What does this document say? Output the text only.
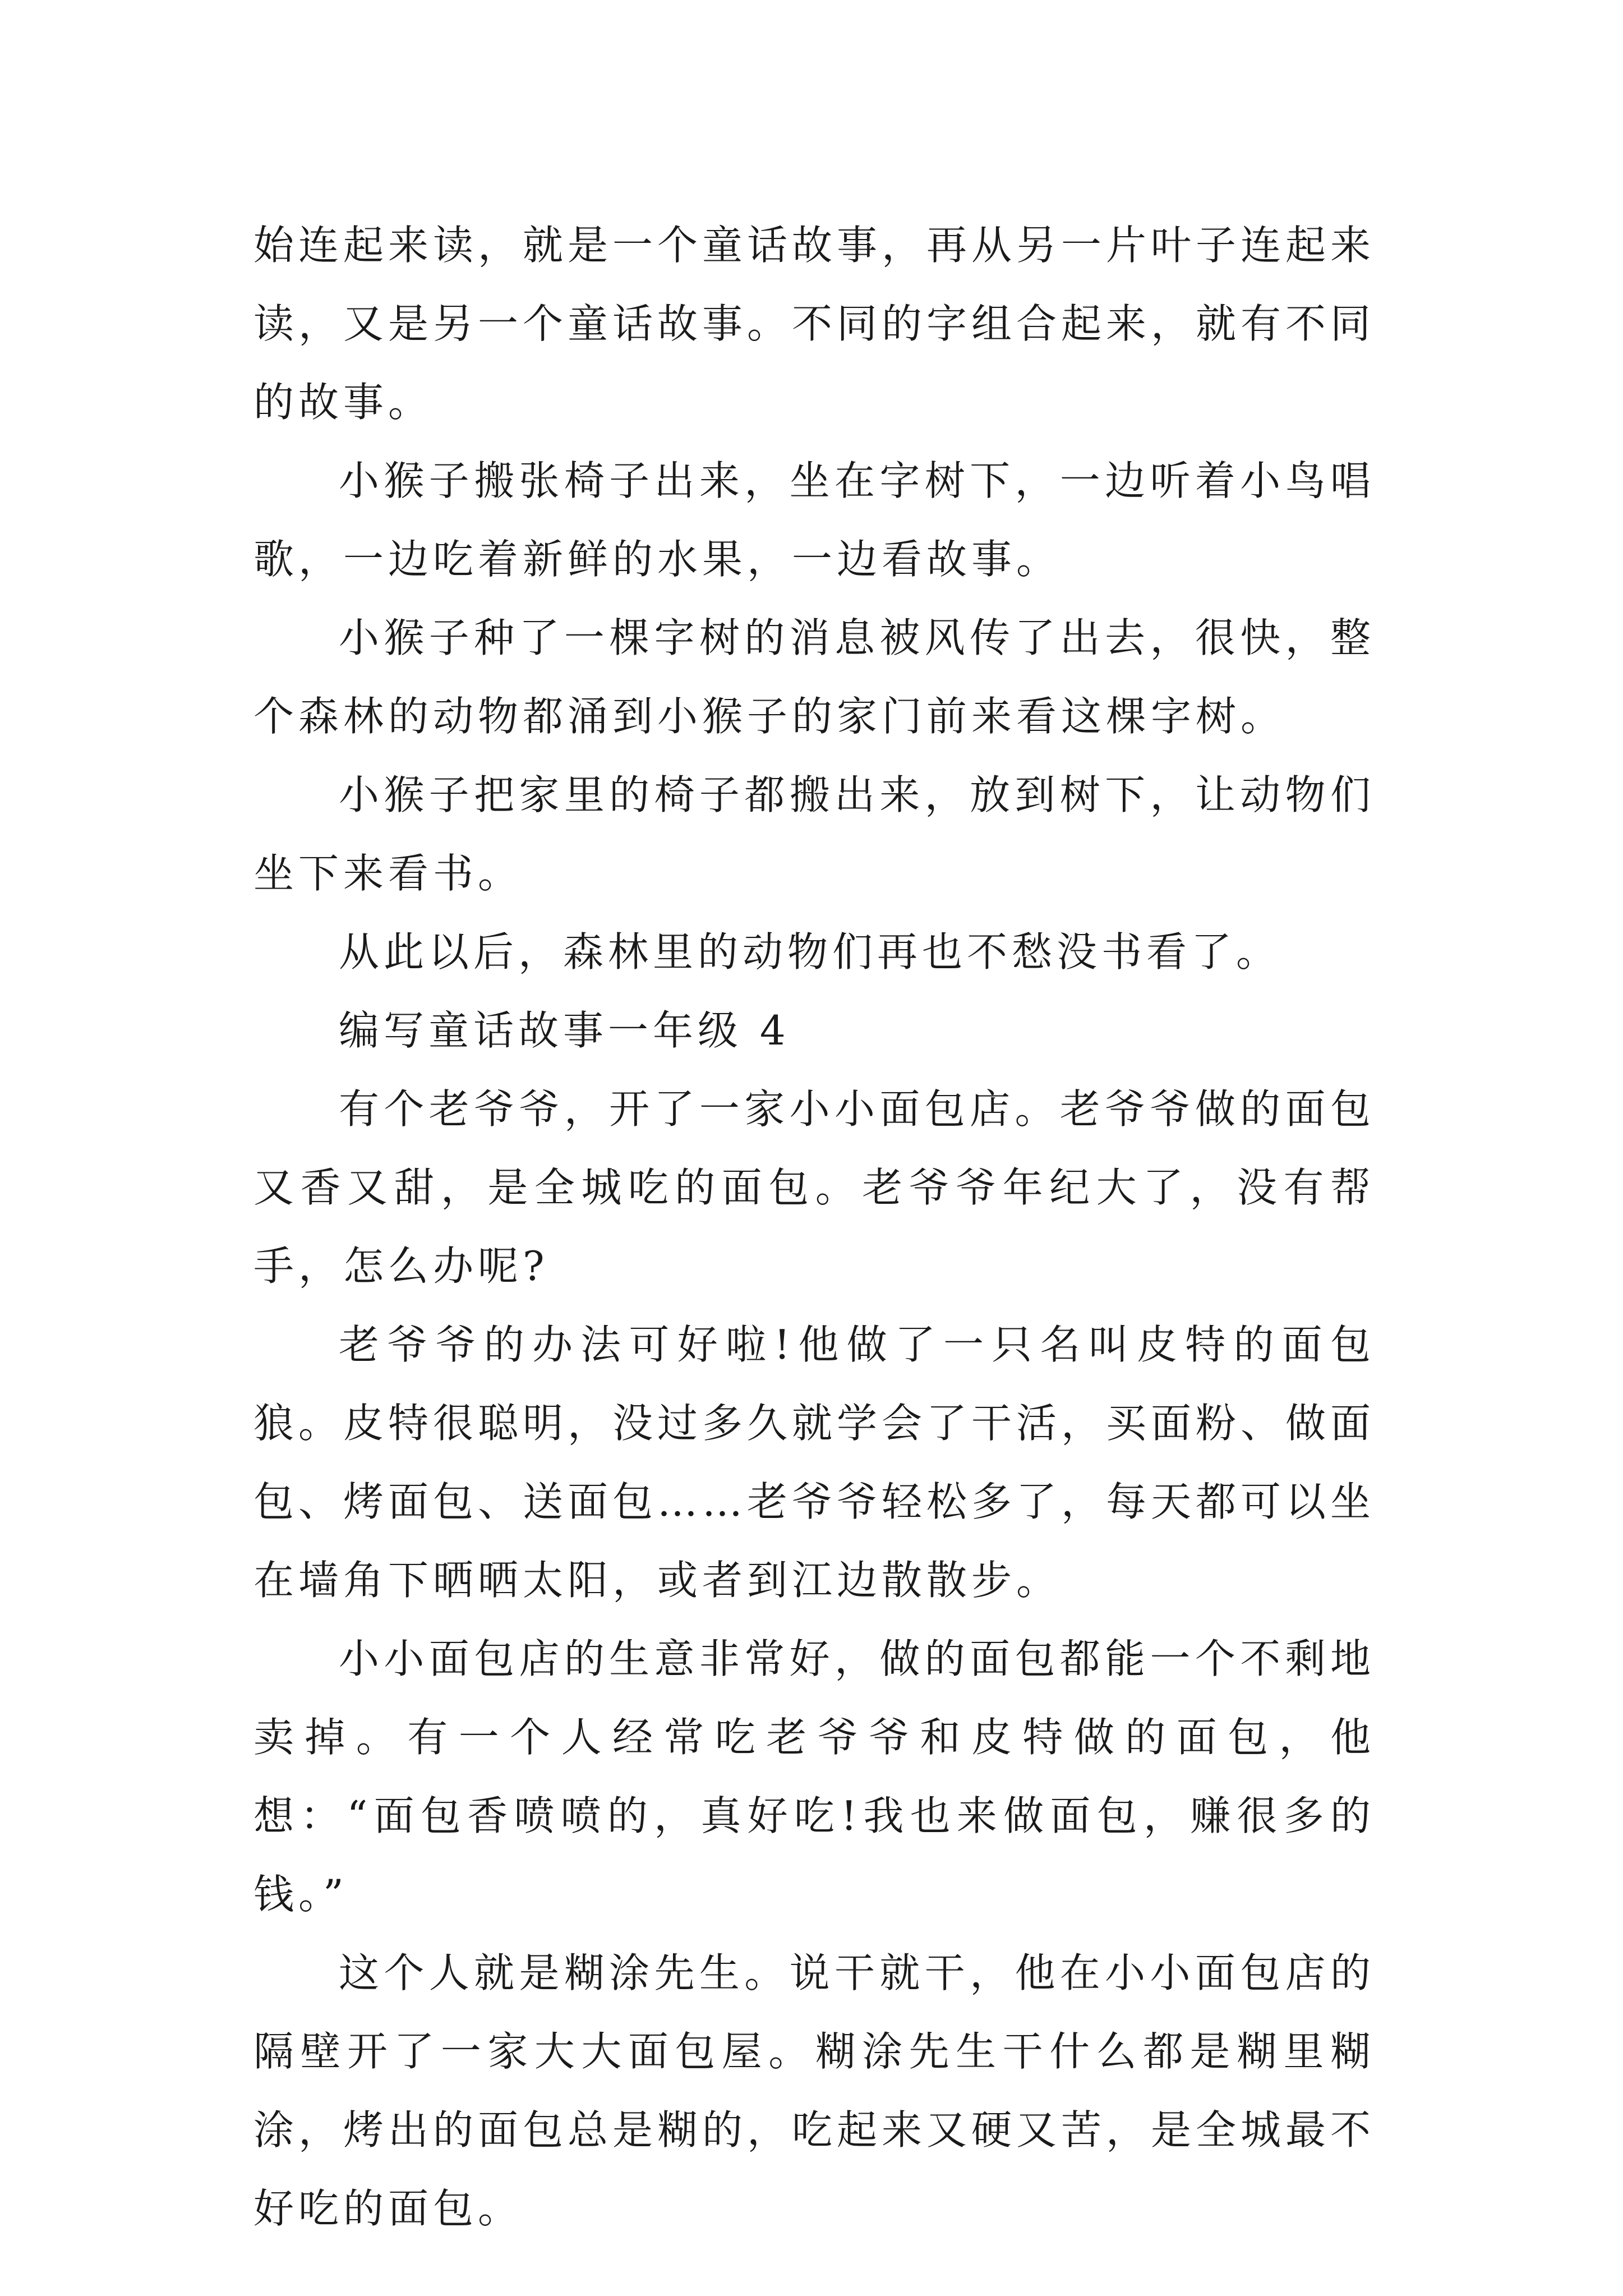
始连起来读，就是一个童话故事，再从另一片叶子连起来读，又是另一个童话故事。不同的字组合起来，就有不同的故事。

小猴子搬张椅子出来，坐在字树下，一边听着小鸟唱歌，一边吃着新鲜的水果，一边看故事。

小猴子种了一棵字树的消息被风传了出去，很快，整个森林的动物都涌到小猴子的家门前来看这棵字树。

小猴子把家里的椅子都搬出来，放到树下，让动物们坐下来看书。

从此以后，森林里的动物们再也不愁没书看了。

编写童话故事一年级 4

有个老爷爷，开了一家小小面包店。老爷爷做的面包又香又甜，是全城吃的面包。老爷爷年纪大了，没有帮手，怎么办呢?

老爷爷的办法可好啦!他做了一只名叫皮特的面包狼。皮特很聪明，没过多久就学会了干活，买面粉、做面包、烤面包、送面包……老爷爷轻松多了，每天都可以坐在墙角下晒晒太阳，或者到江边散散步。

小小面包店的生意非常好，做的面包都能一个不剩地卖掉。有一个人经常吃老爷爷和皮特做的面包，他想：“面包香喷喷的，真好吃!我也来做面包，赚很多的钱。”

这个人就是糊涂先生。说干就干，他在小小面包店的隔壁开了一家大大面包屋。糊涂先生干什么都是糊里糊涂，烤出的面包总是糊的，吃起来又硬又苦，是全城最不好吃的面包。
